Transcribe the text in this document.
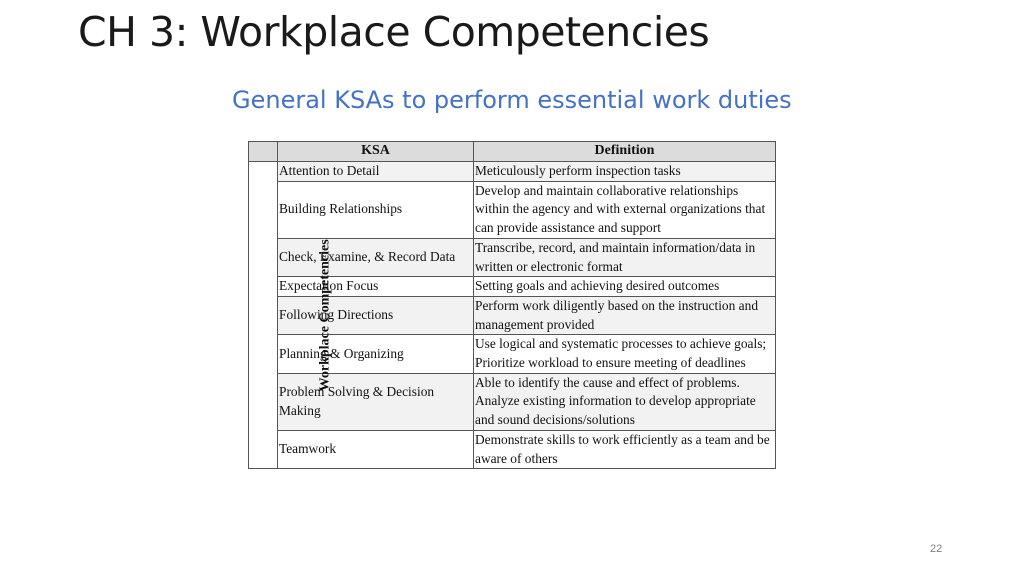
CH 3: Workplace Competencies
General KSAs to perform essential work duties
	KSA	Definition
Workplace Competencies	Attention to Detail	Meticulously perform inspection tasks
	Building Relationships	Develop and maintain collaborative relationships within the agency and with external organizations that can provide assistance and support
	Check, Examine, & Record Data	Transcribe, record, and maintain information/data in written or electronic format
	Expectation Focus	Setting goals and achieving desired outcomes
	Following Directions	Perform work diligently based on the instruction and management provided
	Planning & Organizing	Use logical and systematic processes to achieve goals; Prioritize workload to ensure meeting of deadlines
	Problem Solving & Decision Making	Able to identify the cause and effect of problems. Analyze existing information to develop appropriate and sound decisions/solutions
	Teamwork	Demonstrate skills to work efficiently as a team and be aware of others
22
